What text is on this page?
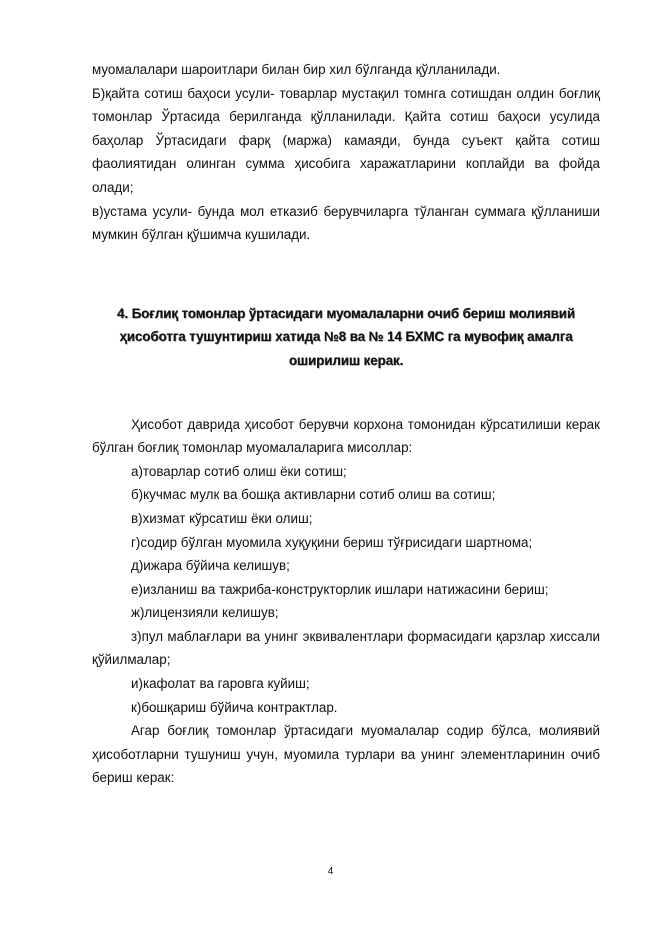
муомалалари шароитлари билан бир хил бўлганда қўлланилади.

Б)қайта сотиш баҳоси усули- товарлар мустақил томнга сотишдан олдин боғлиқ томонлар Ўртасида берилганда қўлланилади. Қайта сотиш баҳоси усулида баҳолар Ўртасидаги фарқ (маржа) камаяди, бунда суъект қайта сотиш фаолиятидан олинган сумма ҳисобига харажатларини коплайди ва фойда олади;

в)устама усули- бунда мол етказиб берувчиларга тўланган суммага қўлланиши мумкин бўлган қўшимча кушилади.

4. Боғлиқ томонлар ўртасидаги муомалаларни очиб бериш молиявий ҳисоботга тушунтириш хатида №8 ва № 14 БХМС га мувофиқ амалга оширилиш керак.

Ҳисобот даврида ҳисобот берувчи корхона томонидан кўрсатилиши керак бўлган боғлиқ томонлар муомалаларига мисоллар:

а)товарлар сотиб олиш ёки сотиш;

б)кучмас мулк ва бошқа активларни сотиб олиш ва сотиш;

в)хизмат кўрсатиш ёки олиш;

г)содир бўлган муомила хуқуқини бериш тўғрисидаги шартнома;

д)ижара бўйича келишув;

е)изланиш ва тажриба-конструкторлик ишлари натижасини бериш;

ж)лицензияли келишув;

з)пул маблағлари ва унинг эквивалентлари формасидаги қарзлар хиссали қўйилмалар;

и)кафолат ва гаровга куйиш;

к)бошқариш бўйича контрактлар.

Агар боғлиқ томонлар ўртасидаги муомалалар содир бўлса, молиявий ҳисоботларни тушуниш учун, муомила турлари ва унинг элементларинин очиб бериш керак:

4
